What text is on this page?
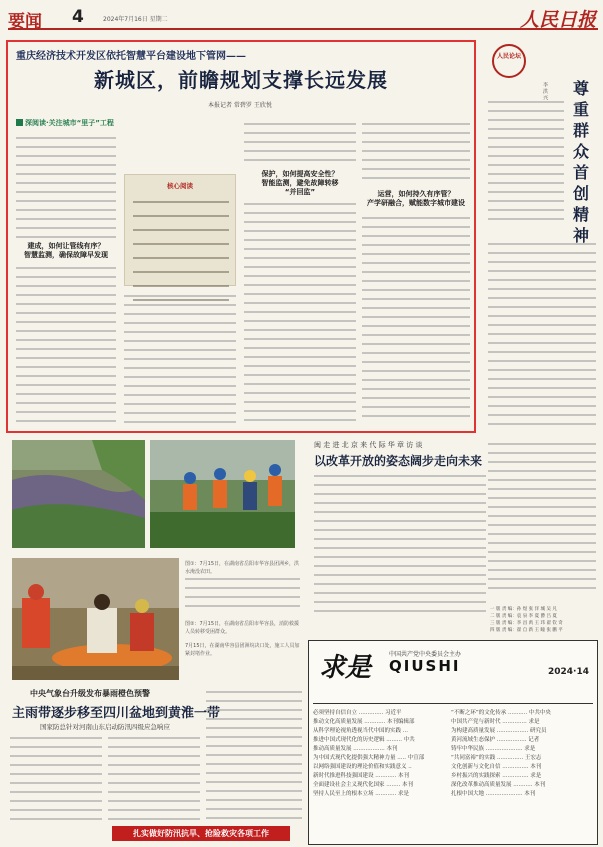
要闻 4	2024年7月16日 星期二	人民日报
重庆经济技术开发区依托智慧平台建设地下管网——
新城区，前瞻规划支撑长远发展
本报记者 常碧罗 王欣悦
深阅读·关注城市“里子”工程
建成，如何让管线有序？
智慧监测，确保故障早发现
核心阅读
保护，如何提高安全性？
智能监测，避免故障转移
“并回监”	运营，如何持久有序管？
产学研融合，赋能数字城市建设
人民论坛
尊重群众首创精神
李 洪 兴
图①：7月15日，在湖南省岳阳市华容县团洲乡，洪水淹没农田。
图②：7月15日，在湖南省岳阳市华容县，消防救援人员转移受困群众。
7月15日，在湖南华容县团洲垸决口处，施工人员加紧封堵作业。
闽 走 进 北 京 来 代 际 华 章 访 谈
以改革开放的姿态阔步走向未来
一 版 责 编：孙 煜 张 洋 城 吴 凡
二 版 责 编：袁 泉 李 夏 爵 吕 夏
三 版 责 编：李 昌 禹 王 玮 翟 钦 奇
四 版 责 编：翟 自 新 王 瞳 张 鹏 平
求是	中国共产党中央委员会主办
QIUSHI	2024·14
必须坚持自信自立 .............. 习近平	“不断之环”的文化传承 ........... 中共中央
推动文化高质量发展 ............ 本刊编辑部	中国共产党与新时代 .............. 求是
从科学理论视角透视当代中国的实践 ...	为构建高质量发展 .................. 研究员
推进中国式现代化的历史逻辑 ......... 中共	黄河流域生态保护 ................. 记者
推动高质量发展 .................. 本刊	铸牢中华民族 ..................... 求是
为中国式现代化提供强大精神力量 ..... 中宣部	“共同富裕”的实践 ............... 王宏志
以网络强国建设的理论价值和实践意义 ..	文化创新与文化自信 ............... 本刊
新时代推进科技强国建设 ............ 本刊	乡村振兴的实践探索 ............... 求是
全面建设社会主义现代化国家 ........ 本刊	深化改革推动高质量发展 ........... 本刊
坚持人民至上的根本立场 ............ 求是	扎根中国大地 ..................... 本刊
中央气象台升级发布暴雨橙色预警
主雨带逐步移至四川盆地到黄淮一带
国家防总针对河南山东启动防汛四级应急响应
扎实做好防汛抗旱、抢险救灾各项工作
